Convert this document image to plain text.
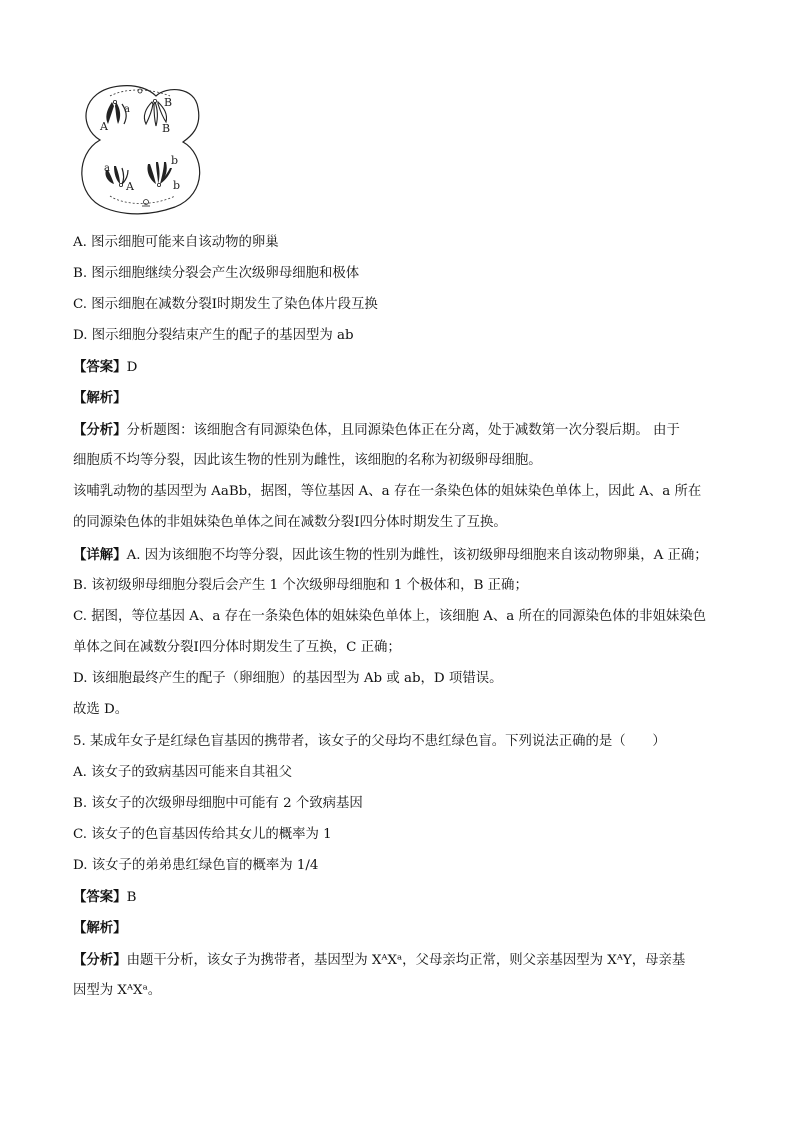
a
A
B
B
a
A
b
b
A. 图示细胞可能来自该动物的卵巢
B. 图示细胞继续分裂会产生次级卵母细胞和极体
C. 图示细胞在减数分裂Ⅰ时期发生了染色体片段互换
D. 图示细胞分裂结束产生的配子的基因型为 ab
【答案】D
【解析】
【分析】分析题图：该细胞含有同源染色体，且同源染色体正在分离，处于减数第一次分裂后期。 由于
细胞质不均等分裂，因此该生物的性别为雌性，该细胞的名称为初级卵母细胞。
该哺乳动物的基因型为 AaBb，据图，等位基因 A、a 存在一条染色体的姐妹染色单体上，因此 A、a 所在
的同源染色体的非姐妹染色单体之间在减数分裂Ⅰ四分体时期发生了互换。
【详解】A. 因为该细胞不均等分裂，因此该生物的性别为雌性，该初级卵母细胞来自该动物卵巢，A 正确；
B. 该初级卵母细胞分裂后会产生 1 个次级卵母细胞和 1 个极体和，B 正确；
C. 据图，等位基因 A、a 存在一条染色体的姐妹染色单体上，该细胞 A、a 所在的同源染色体的非姐妹染色
单体之间在减数分裂Ⅰ四分体时期发生了互换，C 正确；
D. 该细胞最终产生的配子（卵细胞）的基因型为 Ab 或 ab，D 项错误。
故选 D。
5. 某成年女子是红绿色盲基因的携带者，该女子的父母均不患红绿色盲。下列说法正确的是（　　）
A. 该女子的致病基因可能来自其祖父
B. 该女子的次级卵母细胞中可能有 2 个致病基因
C. 该女子的色盲基因传给其女儿的概率为 1
D. 该女子的弟弟患红绿色盲的概率为 1/4
【答案】B
【解析】
【分析】由题干分析，该女子为携带者，基因型为 XᴬXᵃ，父母亲均正常，则父亲基因型为 XᴬY，母亲基
因型为 XᴬXᵃ。
